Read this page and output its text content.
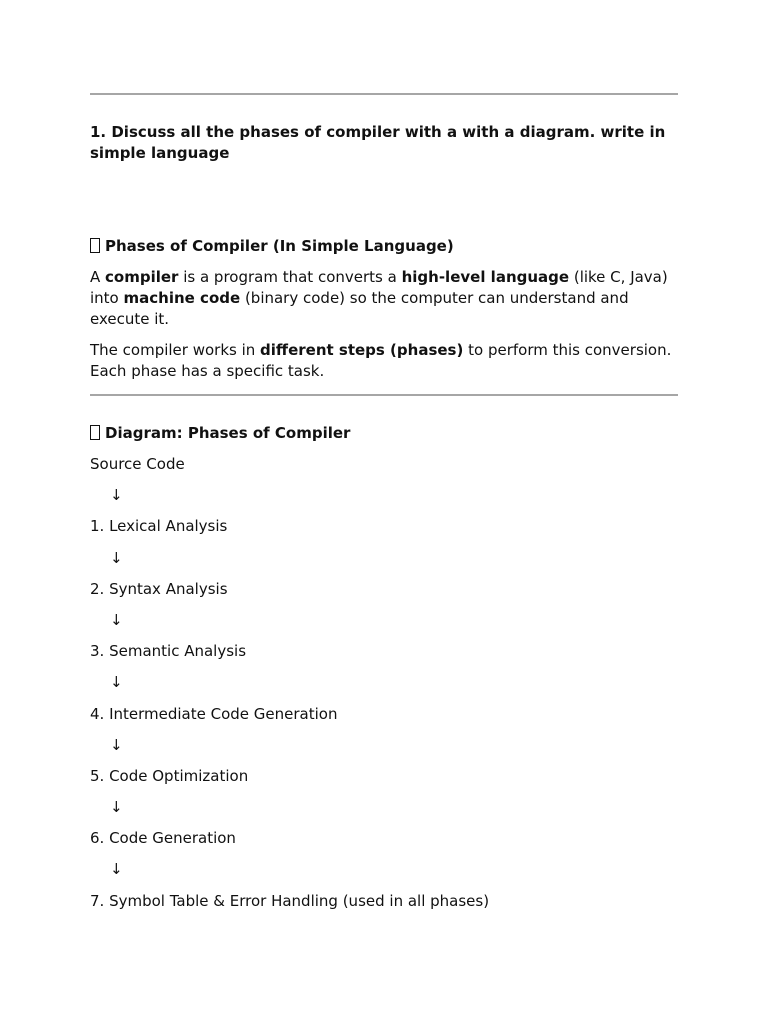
1. Discuss all the phases of compiler with a with a diagram. write in simple language
Phases of Compiler (In Simple Language)
A compiler is a program that converts a high-level language (like C, Java) into machine code (binary code) so the computer can understand and execute it.
The compiler works in different steps (phases) to perform this conversion. Each phase has a specific task.
Diagram: Phases of Compiler
Source Code
↓
1. Lexical Analysis
↓
2. Syntax Analysis
↓
3. Semantic Analysis
↓
4. Intermediate Code Generation
↓
5. Code Optimization
↓
6. Code Generation
↓
7. Symbol Table & Error Handling (used in all phases)
